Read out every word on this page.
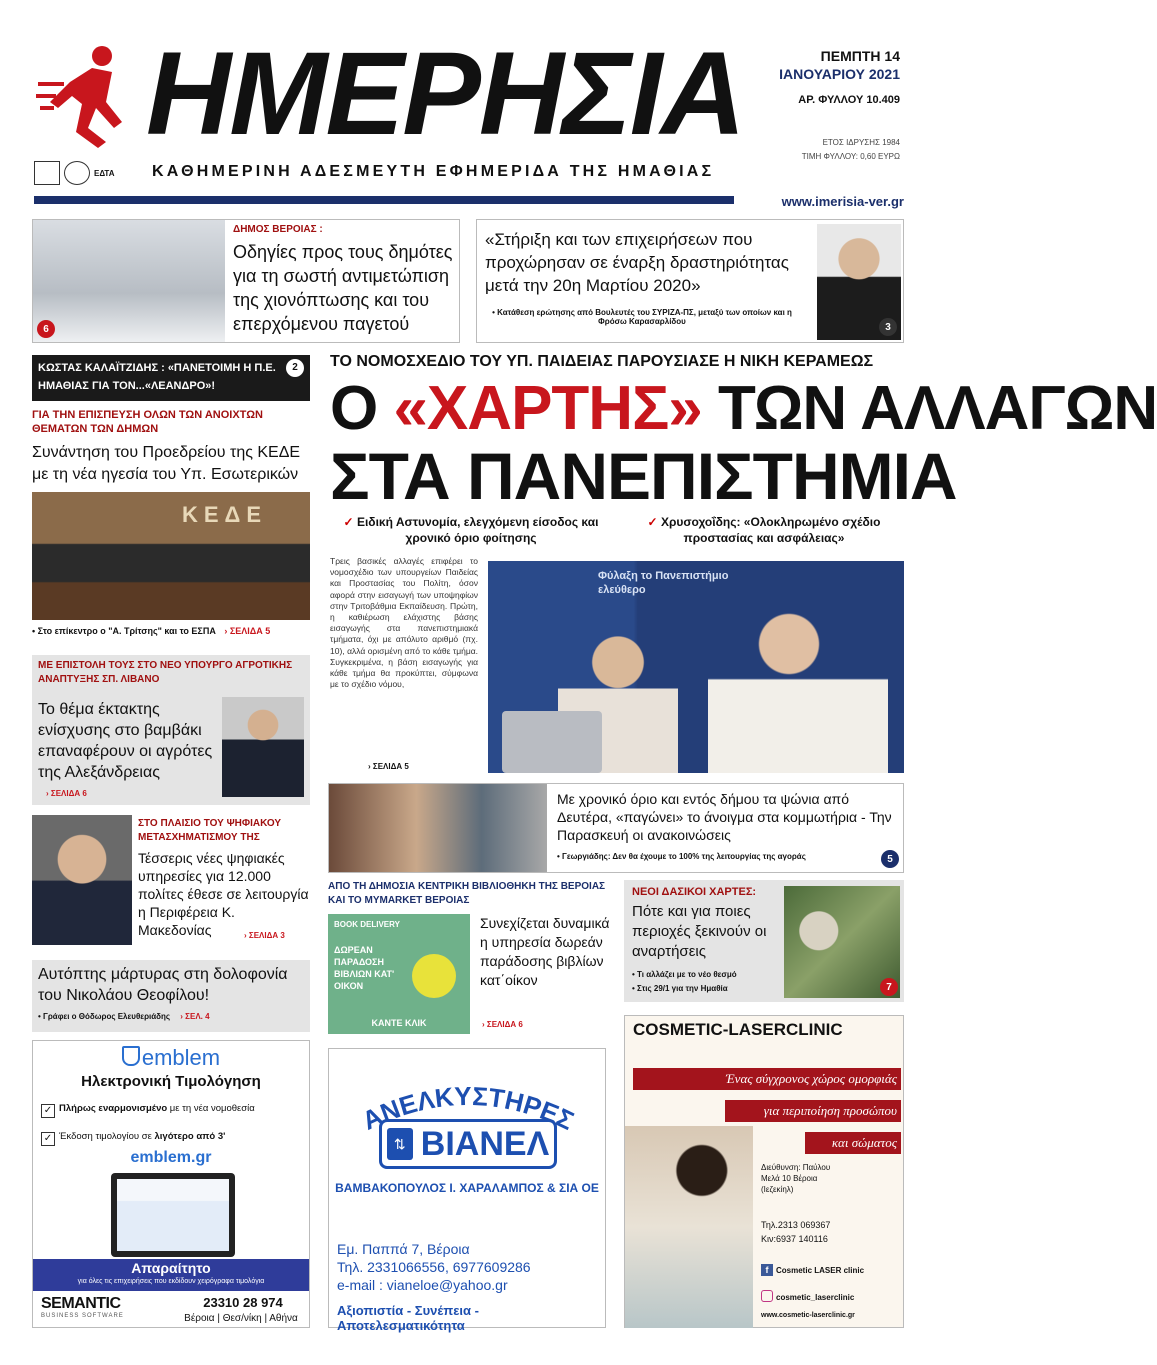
ΗΜΕΡΗΣΙΑ	ΠΕΜΠΤΗ 14
ΙΑΝΟΥΑΡΙΟΥ 2021
ΑΡ. ΦΥΛΛΟΥ 10.409
ΕΤΟΣ ΙΔΡΥΣΗΣ 1984
ΤΙΜΗ ΦΥΛΛΟΥ: 0,60 ΕΥΡΩ
ΕΔΤΑ ΚΑΘΗΜΕΡΙΝΗ ΑΔΕΣΜΕΥΤΗ ΕΦΗΜΕΡΙΔΑ ΤΗΣ ΗΜΑΘΙΑΣ
www.imerisia-ver.gr
6
ΔΗΜΟΣ ΒΕΡΟΙΑΣ :
Οδηγίες προς τους δημότες για τη σωστή αντιμετώπιση της χιονόπτωσης και του επερχόμενου παγετού
«Στήριξη και των επιχειρήσεων που προχώρησαν σε έναρξη δραστηριότητας μετά την 20η Μαρτίου 2020»
• Κατάθεση ερώτησης από Βουλευτές του ΣΥΡΙΖΑ-ΠΣ, μεταξύ των οποίων και η Φρόσω Καρασαρλίδου	3
ΚΩΣΤΑΣ ΚΑΛΑΪΤΖΙΔΗΣ : «ΠΑΝΕΤΟΙΜΗ Η Π.Ε. ΗΜΑΘΙΑΣ ΓΙΑ ΤΟΝ...«ΛΕΑΝΔΡΟ»!
2
ΓΙΑ ΤΗΝ ΕΠΙΣΠΕΥΣΗ ΟΛΩΝ ΤΩΝ ΑΝΟΙΧΤΩΝ ΘΕΜΑΤΩΝ ΤΩΝ ΔΗΜΩΝ
Συνάντηση του Προεδρείου της ΚΕΔΕ με τη νέα ηγεσία του Υπ. Εσωτερικών
ΚΕΔΕ
• Στο επίκεντρο ο "Α. Τρίτσης" και το ΕΣΠΑ › ΣΕΛΙΔΑ 5
ΜΕ ΕΠΙΣΤΟΛΗ ΤΟΥΣ ΣΤΟ ΝΕΟ ΥΠΟΥΡΓΟ ΑΓΡΟΤΙΚΗΣ ΑΝΑΠΤΥΞΗΣ ΣΠ. ΛΙΒΑΝΟ
Το θέμα έκτακτης ενίσχυσης στο βαμβάκι επαναφέρουν οι αγρότες της Αλεξάνδρειας
› ΣΕΛΙΔΑ 6
ΣΤΟ ΠΛΑΙΣΙΟ ΤΟΥ ΨΗΦΙΑΚΟΥ ΜΕΤΑΣΧΗΜΑΤΙΣΜΟΥ ΤΗΣ
Τέσσερις νέες ψηφιακές υπηρεσίες για 12.000 πολίτες έθεσε σε λειτουργία η Περιφέρεια Κ. Μακεδονίας	› ΣΕΛΙΔΑ 3
Αυτόπτης μάρτυρας στη δολοφονία του Νικολάου Θεοφίλου!
• Γράφει ο Θόδωρος Ελευθεριάδης › ΣΕΛ. 4
ΤΟ ΝΟΜΟΣΧΕΔΙΟ ΤΟΥ ΥΠ. ΠΑΙΔΕΙΑΣ ΠΑΡΟΥΣΙΑΣΕ Η ΝΙΚΗ ΚΕΡΑΜΕΩΣ
Ο «ΧΑΡΤΗΣ» ΤΩΝ ΑΛΛΑΓΩΝ
ΣΤΑ ΠΑΝΕΠΙΣΤΗΜΙΑ
✓ Ειδική Αστυνομία, ελεγχόμενη είσοδος και χρονικό όριο φοίτησης
✓ Χρυσοχοΐδης: «Ολοκληρωμένο σχέδιο προστασίας και ασφάλειας»
Τρεις βασικές αλλαγές επιφέρει το νομοσχέδιο των υπουργείων Παιδείας και Προστασίας του Πολίτη, όσον αφορά στην εισαγωγή των υποψηφίων στην Τριτοβάθμια Εκπαίδευση. Πρώτη, η καθιέρωση ελάχιστης βάσης εισαγωγής στα πανεπιστημιακά τμήματα, όχι με απόλυτο αριθμό (πχ. 10), αλλά ορισμένη από το κάθε τμήμα. Συγκεκριμένα, η βάση εισαγωγής για κάθε τμήμα θα προκύπτει, σύμφωνα με το σχέδιο νόμου,
› ΣΕΛΙΔΑ 5
Φύλαξη το Πανεπιστήμιο ελεύθερο
Με χρονικό όριο και εντός δήμου τα ψώνια από Δευτέρα, «παγώνει» το άνοιγμα στα κομμωτήρια - Την Παρασκευή οι ανακοινώσεις
• Γεωργιάδης: Δεν θα έχουμε το 100% της λειτουργίας της αγοράς	5
ΑΠΟ ΤΗ ΔΗΜΟΣΙΑ ΚΕΝΤΡΙΚΗ ΒΙΒΛΙΟΘΗΚΗ ΤΗΣ ΒΕΡΟΙΑΣ ΚΑΙ ΤΟ MYMARKET ΒΕΡΟΙΑΣ
BOOK DELIVERY
ΔΩΡΕΑΝ ΠΑΡΑΔΟΣΗ ΒΙΒΛΙΩΝ ΚΑΤ' ΟΙΚΟΝ
ΚΑΝΤΕ ΚΛΙΚ
Συνεχίζεται δυναμικά η υπηρεσία δωρεάν παράδοσης βιβλίων κατ΄οίκον
› ΣΕΛΙΔΑ 6
ΝΕΟΙ ΔΑΣΙΚΟΙ ΧΑΡΤΕΣ:
Πότε και για ποιες περιοχές ξεκινούν οι αναρτήσεις
• Τι αλλάζει με το νέο θεσμό
• Στις 29/1 για την Ημαθία	7
emblem
Ηλεκτρονική Τιμολόγηση
✓ Πλήρως εναρμονισμένο με τη νέα νομοθεσία
✓ Έκδοση τιμολογίου σε λιγότερο από 3'
emblem.gr
Απαραίτητο
για όλες τις επιχειρήσεις που εκδίδουν χειρόγραφα τιμολόγια
SEMANTIC
BUSINESS SOFTWARE
23310 28 974
Βέροια | Θεσ/νίκη | Αθήνα
ΑΝΕΛΚΥΣΤΗΡΕΣ
⇅ ΒΙΑΝΕΛ
ΒΑΜΒΑΚΟΠΟΥΛΟΣ Ι. ΧΑΡΑΛΑΜΠΟΣ & ΣΙΑ ΟΕ
Εμ. Παππά 7, Βέροια
Τηλ. 2331066556, 6977609286
e-mail : vianeloe@yahoo.gr
Αξιοπιστία - Συνέπεια - Αποτελεσματικότητα
COSMETIC-LASERCLINIC
Ένας σύγχρονος χώρος ομορφιάς
για περιποίηση προσώπου
και σώματος
Διεύθυνση: Παύλου Μελά 10 Βέροια (Ιεζεκίηλ)
Τηλ.2313 069367
Κιν:6937 140116
f Cosmetic LASER clinic
cosmetic_laserclinic
www.cosmetic-laserclinic.gr
